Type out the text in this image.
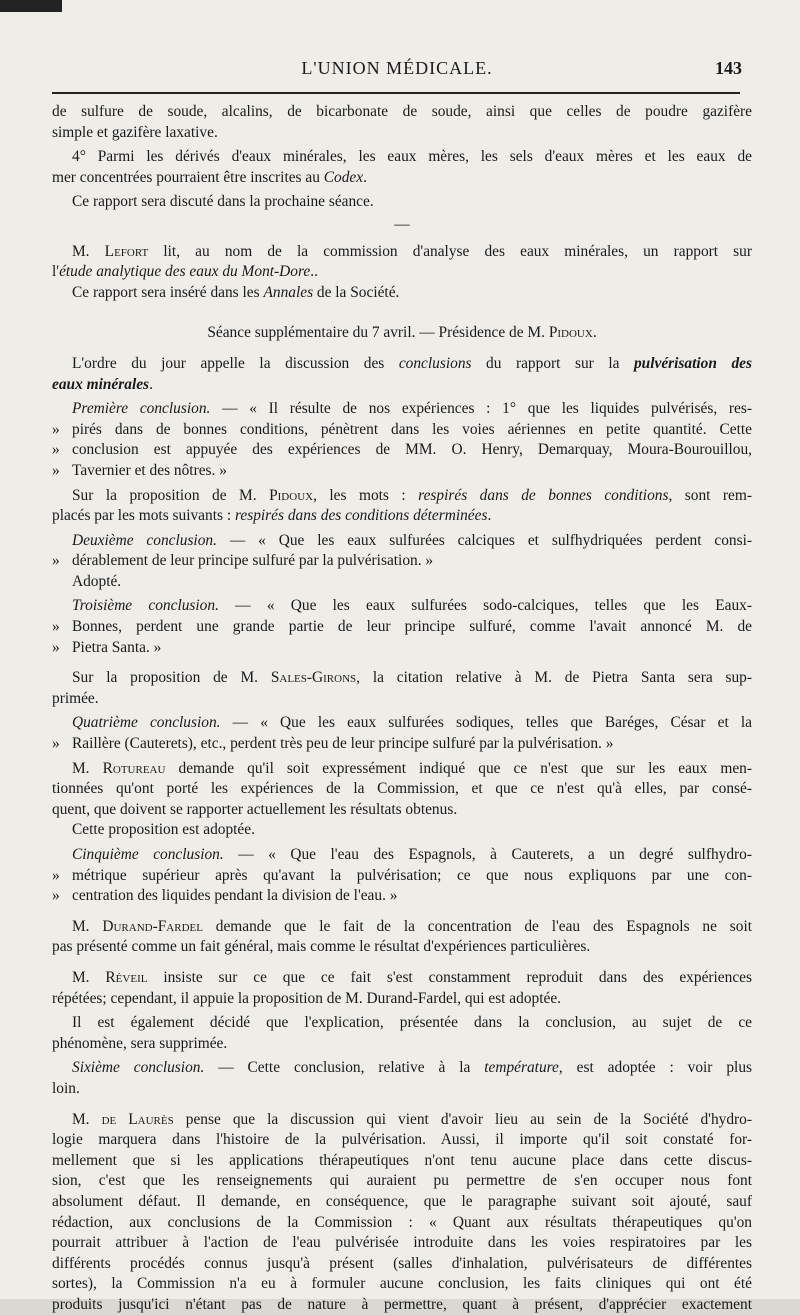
L'UNION MÉDICALE.	143

de sulfure de soude, alcalins, de bicarbonate de soude, ainsi que celles de poudre gazifère

simple et gazifère laxative.

4° Parmi les dérivés d'eaux minérales, les eaux mères, les sels d'eaux mères et les eaux de

mer concentrées pourraient être inscrites au Codex.

Ce rapport sera discuté dans la prochaine séance.

—

M. Lefort lit, au nom de la commission d'analyse des eaux minérales, un rapport sur

l'étude analytique des eaux du Mont-Dore..

Ce rapport sera inséré dans les Annales de la Société.

Séance supplémentaire du 7 avril. — Présidence de M. Pidoux.

L'ordre du jour appelle la discussion des conclusions du rapport sur la pulvérisation des

eaux minérales.

Première conclusion. — « Il résulte de nos expériences : 1° que les liquides pulvérisés, res-

» pirés dans de bonnes conditions, pénètrent dans les voies aériennes en petite quantité. Cette

» conclusion est appuyée des expériences de MM. O. Henry, Demarquay, Moura-Bourouillou,

» Tavernier et des nôtres. »

Sur la proposition de M. Pidoux, les mots : respirés dans de bonnes conditions, sont rem-

placés par les mots suivants : respirés dans des conditions déterminées.

Deuxième conclusion. — « Que les eaux sulfurées calciques et sulfhydriquées perdent consi-

» dérablement de leur principe sulfuré par la pulvérisation. »

Adopté.

Troisième conclusion. — « Que les eaux sulfurées sodo-calciques, telles que les Eaux-

» Bonnes, perdent une grande partie de leur principe sulfuré, comme l'avait annoncé M. de

» Pietra Santa. »

Sur la proposition de M. Sales-Girons, la citation relative à M. de Pietra Santa sera sup-

primée.

Quatrième conclusion. — « Que les eaux sulfurées sodiques, telles que Baréges, César et la

» Raillère (Cauterets), etc., perdent très peu de leur principe sulfuré par la pulvérisation. »

M. Rotureau demande qu'il soit expressément indiqué que ce n'est que sur les eaux men-

tionnées qu'ont porté les expériences de la Commission, et que ce n'est qu'à elles, par consé-

quent, que doivent se rapporter actuellement les résultats obtenus.

Cette proposition est adoptée.

Cinquième conclusion. — « Que l'eau des Espagnols, à Cauterets, a un degré sulfhydro-

» métrique supérieur après qu'avant la pulvérisation; ce que nous expliquons par une con-

» centration des liquides pendant la division de l'eau. »

M. Durand-Fardel demande que le fait de la concentration de l'eau des Espagnols ne soit

pas présenté comme un fait général, mais comme le résultat d'expériences particulières.

M. Réveil insiste sur ce que ce fait s'est constamment reproduit dans des expériences

répétées; cependant, il appuie la proposition de M. Durand-Fardel, qui est adoptée.

Il est également décidé que l'explication, présentée dans la conclusion, au sujet de ce

phénomène, sera supprimée.

Sixième conclusion. — Cette conclusion, relative à la température, est adoptée : voir plus

loin.

M. de Laurès pense que la discussion qui vient d'avoir lieu au sein de la Société d'hydro-

logie marquera dans l'histoire de la pulvérisation. Aussi, il importe qu'il soit constaté for-

mellement que si les applications thérapeutiques n'ont tenu aucune place dans cette discus-

sion, c'est que les renseignements qui auraient pu permettre de s'en occuper nous font

absolument défaut. Il demande, en conséquence, que le paragraphe suivant soit ajouté, sauf

rédaction, aux conclusions de la Commission : « Quant aux résultats thérapeutiques qu'on

pourrait attribuer à l'action de l'eau pulvérisée introduite dans les voies respiratoires par les

différents procédés connus jusqu'à présent (salles d'inhalation, pulvérisateurs de différentes

sortes), la Commission n'a eu à formuler aucune conclusion, les faits cliniques qui ont été

produits jusqu'ici n'étant pas de nature à permettre, quant à présent, d'apprécier exactement
